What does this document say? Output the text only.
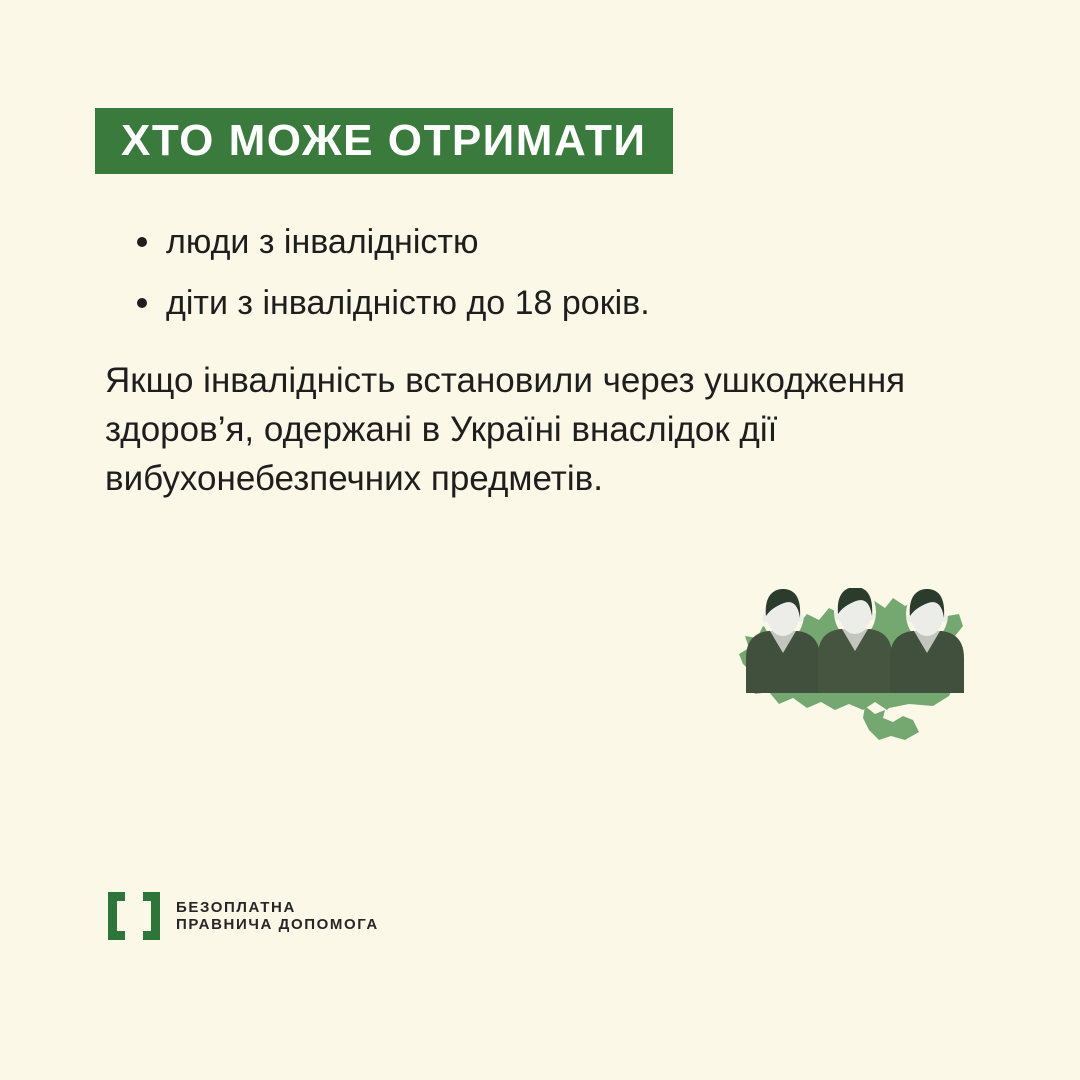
ХТО МОЖЕ ОТРИМАТИ
люди з інвалідністю
діти з інвалідністю до 18 років.
Якщо інвалідність встановили через ушкодження
здоров’я, одержані в Україні внаслідок дії
вибухонебезпечних предметів.
БЕЗОПЛАТНА
ПРАВНИЧА ДОПОМОГА
